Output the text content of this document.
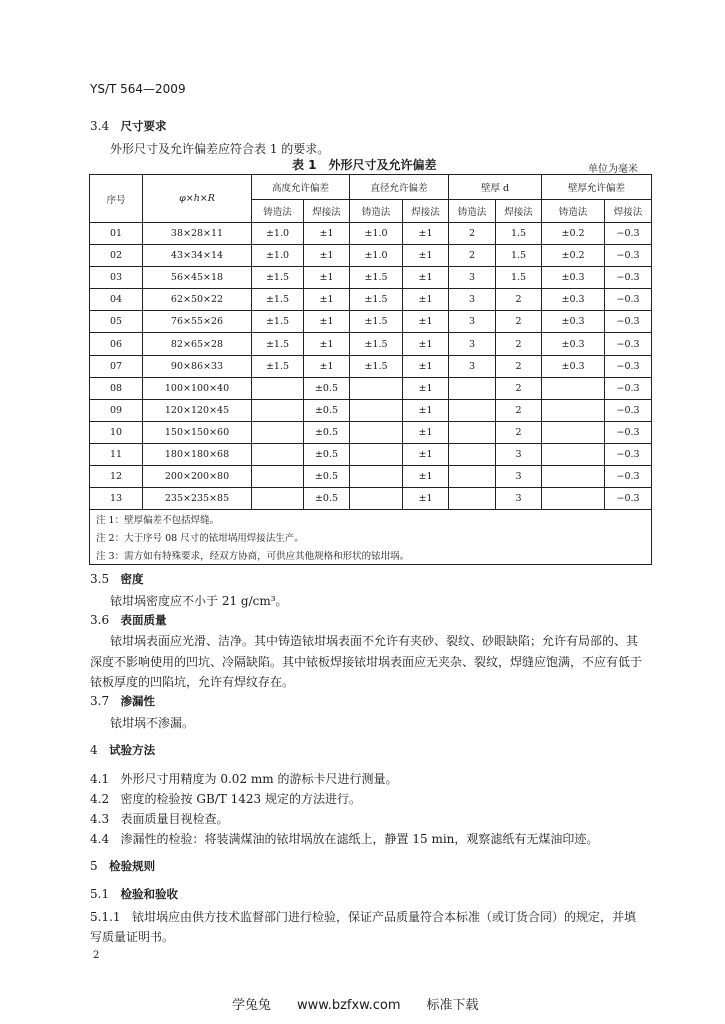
YS/T 564—2009
3.4 尺寸要求
外形尺寸及允许偏差应符合表 1 的要求。
表 1　外形尺寸及允许偏差	单位为毫米
序号	φ×h×R	高度允许偏差		直径允许偏差		壁厚 d		壁厚允许偏差	
		铸造法	焊接法	铸造法	焊接法	铸造法	焊接法	铸造法	焊接法
01	38×28×11	±1.0	±1	±1.0	±1	2	1.5	±0.2	−0.3
02	43×34×14	±1.0	±1	±1.0	±1	2	1.5	±0.2	−0.3
03	56×45×18	±1.5	±1	±1.5	±1	3	1.5	±0.3	−0.3
04	62×50×22	±1.5	±1	±1.5	±1	3	2	±0.3	−0.3
05	76×55×26	±1.5	±1	±1.5	±1	3	2	±0.3	−0.3
06	82×65×28	±1.5	±1	±1.5	±1	3	2	±0.3	−0.3
07	90×86×33	±1.5	±1	±1.5	±1	3	2	±0.3	−0.3
08	100×100×40		±0.5		±1		2		−0.3
09	120×120×45		±0.5		±1		2		−0.3
10	150×150×60		±0.5		±1		2		−0.3
11	180×180×68		±0.5		±1		3		−0.3
12	200×200×80		±0.5		±1		3		−0.3
13	235×235×85		±0.5		±1		3		−0.3
注 1：壁厚偏差不包括焊缝。									
注 2：大于序号 08 尺寸的铱坩埚用焊接法生产。									
注 3：需方如有特殊要求，经双方协商，可供应其他规格和形状的铱坩埚。									
3.5 密度
铱坩埚密度应不小于 21 g/cm³。
3.6 表面质量
铱坩埚表面应光滑、洁净。其中铸造铱坩埚表面不允许有夹砂、裂纹、砂眼缺陷；允许有局部的、其
深度不影响使用的凹坑、冷隔缺陷。其中铱板焊接铱坩埚表面应无夹杂、裂纹，焊缝应饱满，不应有低于
铱板厚度的凹陷坑，允许有焊纹存在。
3.7 渗漏性
铱坩埚不渗漏。
4 试验方法
4.1 外形尺寸用精度为 0.02 mm 的游标卡尺进行测量。
4.2 密度的检验按 GB/T 1423 规定的方法进行。
4.3 表面质量目视检查。
4.4 渗漏性的检验：将装满煤油的铱坩埚放在滤纸上，静置 15 min，观察滤纸有无煤油印迹。
5 检验规则
5.1 检验和验收
5.1.1 铱坩埚应由供方技术监督部门进行检验，保证产品质量符合本标准（或订货合同）的规定，并填
写质量证明书。
2
学兔兔　　www.bzfxw.com　　标准下载
